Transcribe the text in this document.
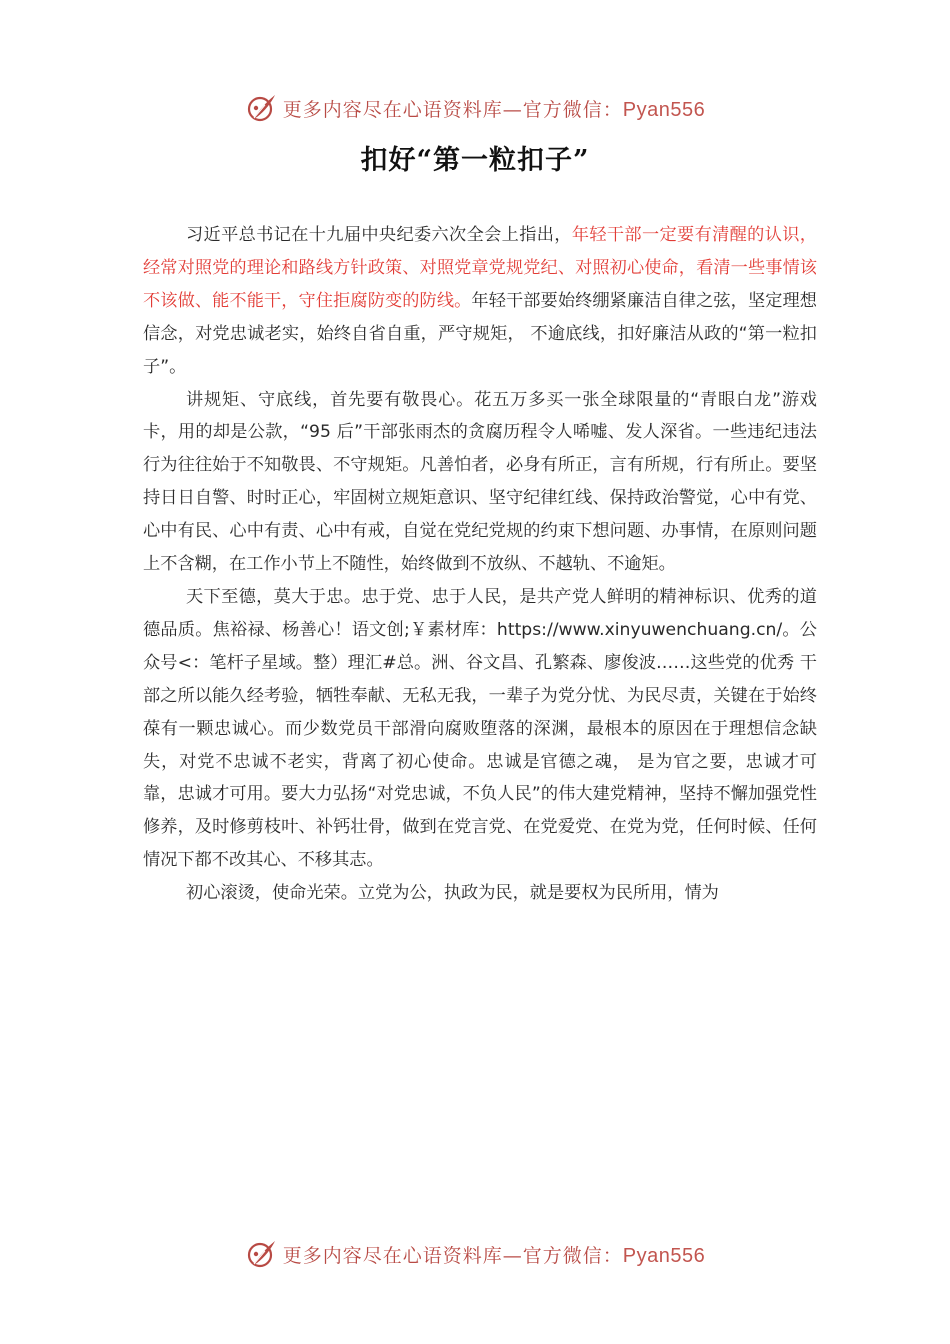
更多内容尽在心语资料库—官方微信：Pyan556
扣好“第一粒扣子”

习近平总书记在十九届中央纪委六次全会上指出，年轻干部一定要有清醒的认识，经常对照党的理论和路线方针政策、对照党章党规党纪、对照初心使命，看清一些事情该不该做、能不能干，守住拒腐防变的防线。年轻干部要始终绷紧廉洁自律之弦，坚定理想信念，对党忠诚老实，始终自省自重，严守规矩， 不逾底线，扣好廉洁从政的“第一粒扣子”。

讲规矩、守底线，首先要有敬畏心。花五万多买一张全球限量的“青眼白龙”游戏卡，用的却是公款，“95 后”干部张雨杰的贪腐历程令人唏嘘、发人深省。一些违纪违法行为往往始于不知敬畏、不守规矩。凡善怕者，必身有所正，言有所规，行有所止。要坚持日日自警、时时正心，牢固树立规矩意识、坚守纪律红线、保持政治警觉，心中有党、心中有民、心中有责、心中有戒，自觉在党纪党规的约束下想问题、办事情，在原则问题上不含糊，在工作小节上不随性，始终做到不放纵、不越轨、不逾矩。

天下至德，莫大于忠。忠于党、忠于人民，是共产党人鲜明的精神标识、优秀的道德品质。焦裕禄、杨善心！语文创;￥素材库：https://www.xinyuwenchuang.cn/。公众号<：笔杆子星域。整）理汇#总。洲、谷文昌、孔繁森、廖俊波……这些党的优秀 干部之所以能久经考验，牺牲奉献、无私无我，一辈子为党分忧、为民尽责，关键在于始终葆有一颗忠诚心。而少数党员干部滑向腐败堕落的深渊，最根本的原因在于理想信念缺失，对党不忠诚不老实，背离了初心使命。忠诚是官德之魂， 是为官之要，忠诚才可靠，忠诚才可用。要大力弘扬“对党忠诚，不负人民”的伟大建党精神，坚持不懈加强党性修养，及时修剪枝叶、补钙壮骨，做到在党言党、在党爱党、在党为党，任何时候、任何情况下都不改其心、不移其志。

初心滚烫，使命光荣。立党为公，执政为民，就是要权为民所用，情为

更多内容尽在心语资料库—官方微信：Pyan556
